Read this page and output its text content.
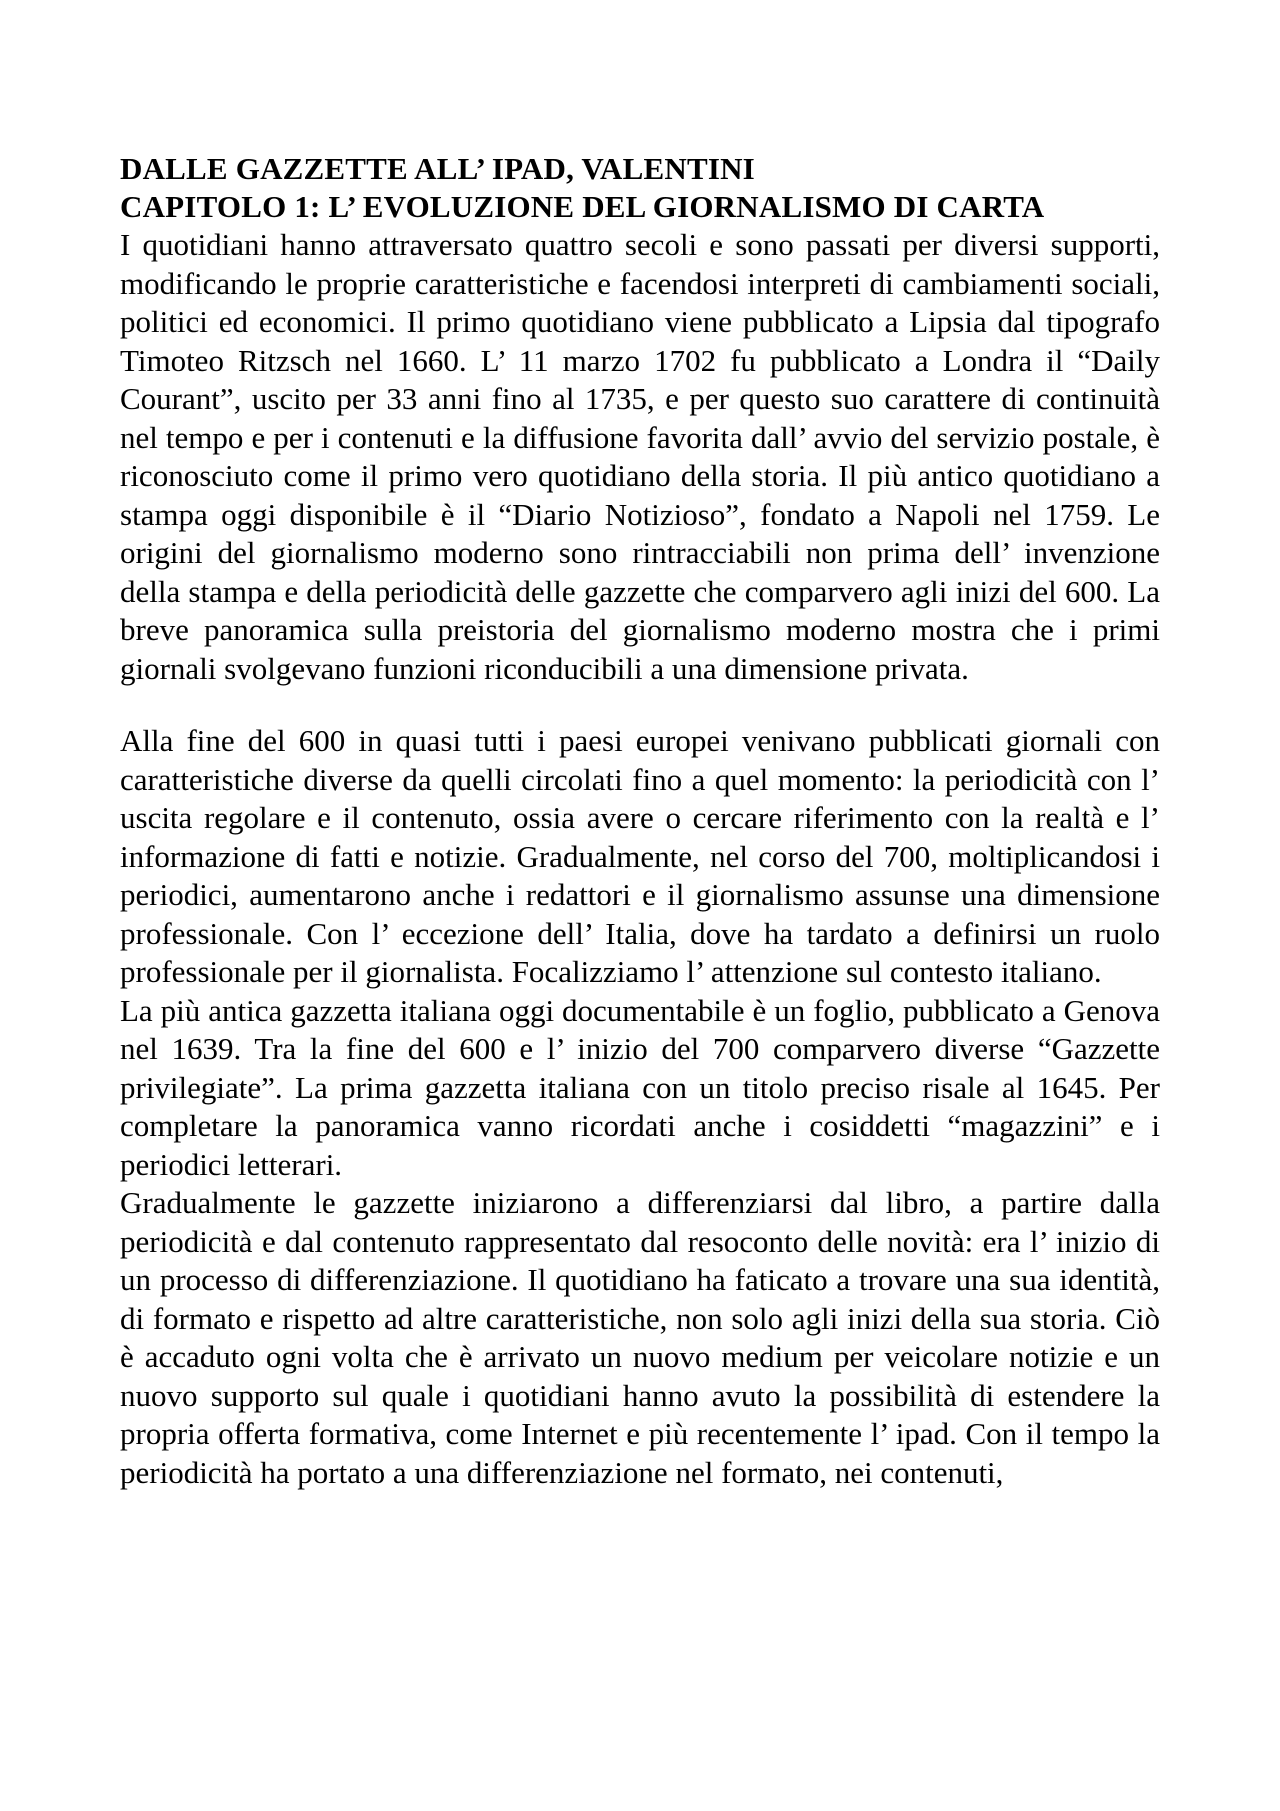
DALLE GAZZETTE ALL’ IPAD, VALENTINI
CAPITOLO 1: L’ EVOLUZIONE DEL GIORNALISMO DI CARTA

I quotidiani hanno attraversato quattro secoli e sono passati per diversi supporti, modificando le proprie caratteristiche e facendosi interpreti di cambiamenti sociali, politici ed economici. Il primo quotidiano viene pubblicato a Lipsia dal tipografo Timoteo Ritzsch nel 1660. L’ 11 marzo 1702 fu pubblicato a Londra il “Daily Courant”, uscito per 33 anni fino al 1735, e per questo suo carattere di continuità nel tempo e per i contenuti e la diffusione favorita dall’ avvio del servizio postale, è riconosciuto come il primo vero quotidiano della storia. Il più antico quotidiano a stampa oggi disponibile è il “Diario Notizioso”, fondato a Napoli nel 1759. Le origini del giornalismo moderno sono rintracciabili non prima dell’ invenzione della stampa e della periodicità delle gazzette che comparvero agli inizi del 600. La breve panoramica sulla preistoria del giornalismo moderno mostra che i primi giornali svolgevano funzioni riconducibili a una dimensione privata.

Alla fine del 600 in quasi tutti i paesi europei venivano pubblicati giornali con caratteristiche diverse da quelli circolati fino a quel momento: la periodicità con l’ uscita regolare e il contenuto, ossia avere o cercare riferimento con la realtà e l’ informazione di fatti e notizie. Gradualmente, nel corso del 700, moltiplicandosi i periodici, aumentarono anche i redattori e il giornalismo assunse una dimensione professionale. Con l’ eccezione dell’ Italia, dove ha tardato a definirsi un ruolo professionale per il giornalista. Focalizziamo l’ attenzione sul contesto italiano.

La più antica gazzetta italiana oggi documentabile è un foglio, pubblicato a Genova nel 1639. Tra la fine del 600 e l’ inizio del 700 comparvero diverse “Gazzette privilegiate”. La prima gazzetta italiana con un titolo preciso risale al 1645. Per completare la panoramica vanno ricordati anche i cosiddetti “magazzini” e i periodici letterari.

Gradualmente le gazzette iniziarono a differenziarsi dal libro, a partire dalla periodicità e dal contenuto rappresentato dal resoconto delle novità: era l’ inizio di un processo di differenziazione. Il quotidiano ha faticato a trovare una sua identità, di formato e rispetto ad altre caratteristiche, non solo agli inizi della sua storia. Ciò è accaduto ogni volta che è arrivato un nuovo medium per veicolare notizie e un nuovo supporto sul quale i quotidiani hanno avuto la possibilità di estendere la propria offerta formativa, come Internet e più recentemente l’ ipad. Con il tempo la periodicità ha portato a una differenziazione nel formato, nei contenuti,
